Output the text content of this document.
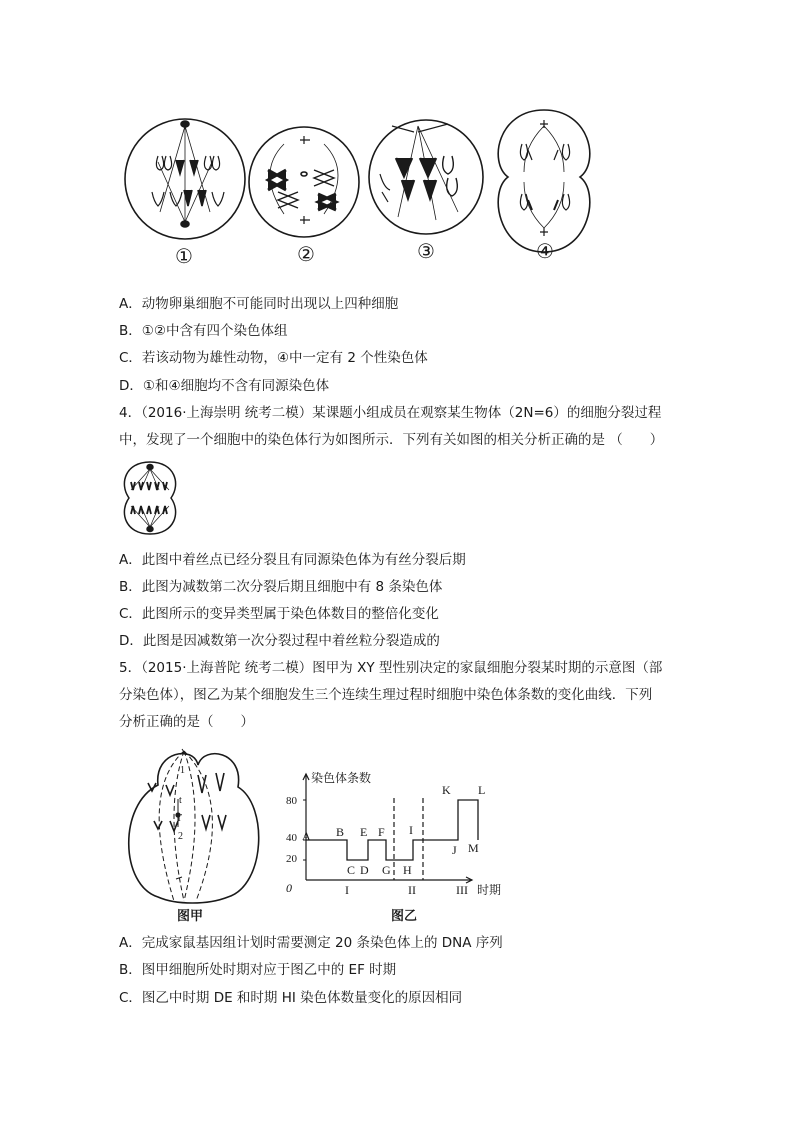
①	②	③	④
A．动物卵巢细胞不可能同时出现以上四种细胞
B．①②中含有四个染色体组
C．若该动物为雄性动物，④中一定有 2 个性染色体
D．①和④细胞均不含有同源染色体
4．（2016·上海崇明 统考二模）某课题小组成员在观察某生物体（2N=6）的细胞分裂过程
中，发现了一个细胞中的染色体行为如图所示．下列有关如图的相关分析正确的是 （　　）
A．此图中着丝点已经分裂且有同源染色体为有丝分裂后期
B．此图为减数第二次分裂后期且细胞中有 8 条染色体
C．此图所示的变异类型属于染色体数目的整倍化变化
D．此图是因减数第一次分裂过程中着丝粒分裂造成的
5．（2015·上海普陀 统考二模）图甲为 XY 型性别决定的家鼠细胞分裂某时期的示意图（部
分染色体），图乙为某个细胞发生三个连续生理过程时细胞中染色体条数的变化曲线．下列
分析正确的是（　　）
1
t
T
2
图甲
A B
C D
E F
G H
I
J
K L
M
80
40
20
0
染色体条数
时期
I	II	III
图乙
A．完成家鼠基因组计划时需要测定 20 条染色体上的 DNA 序列
B．图甲细胞所处时期对应于图乙中的 EF 时期
C．图乙中时期 DE 和时期 HI 染色体数量变化的原因相同
